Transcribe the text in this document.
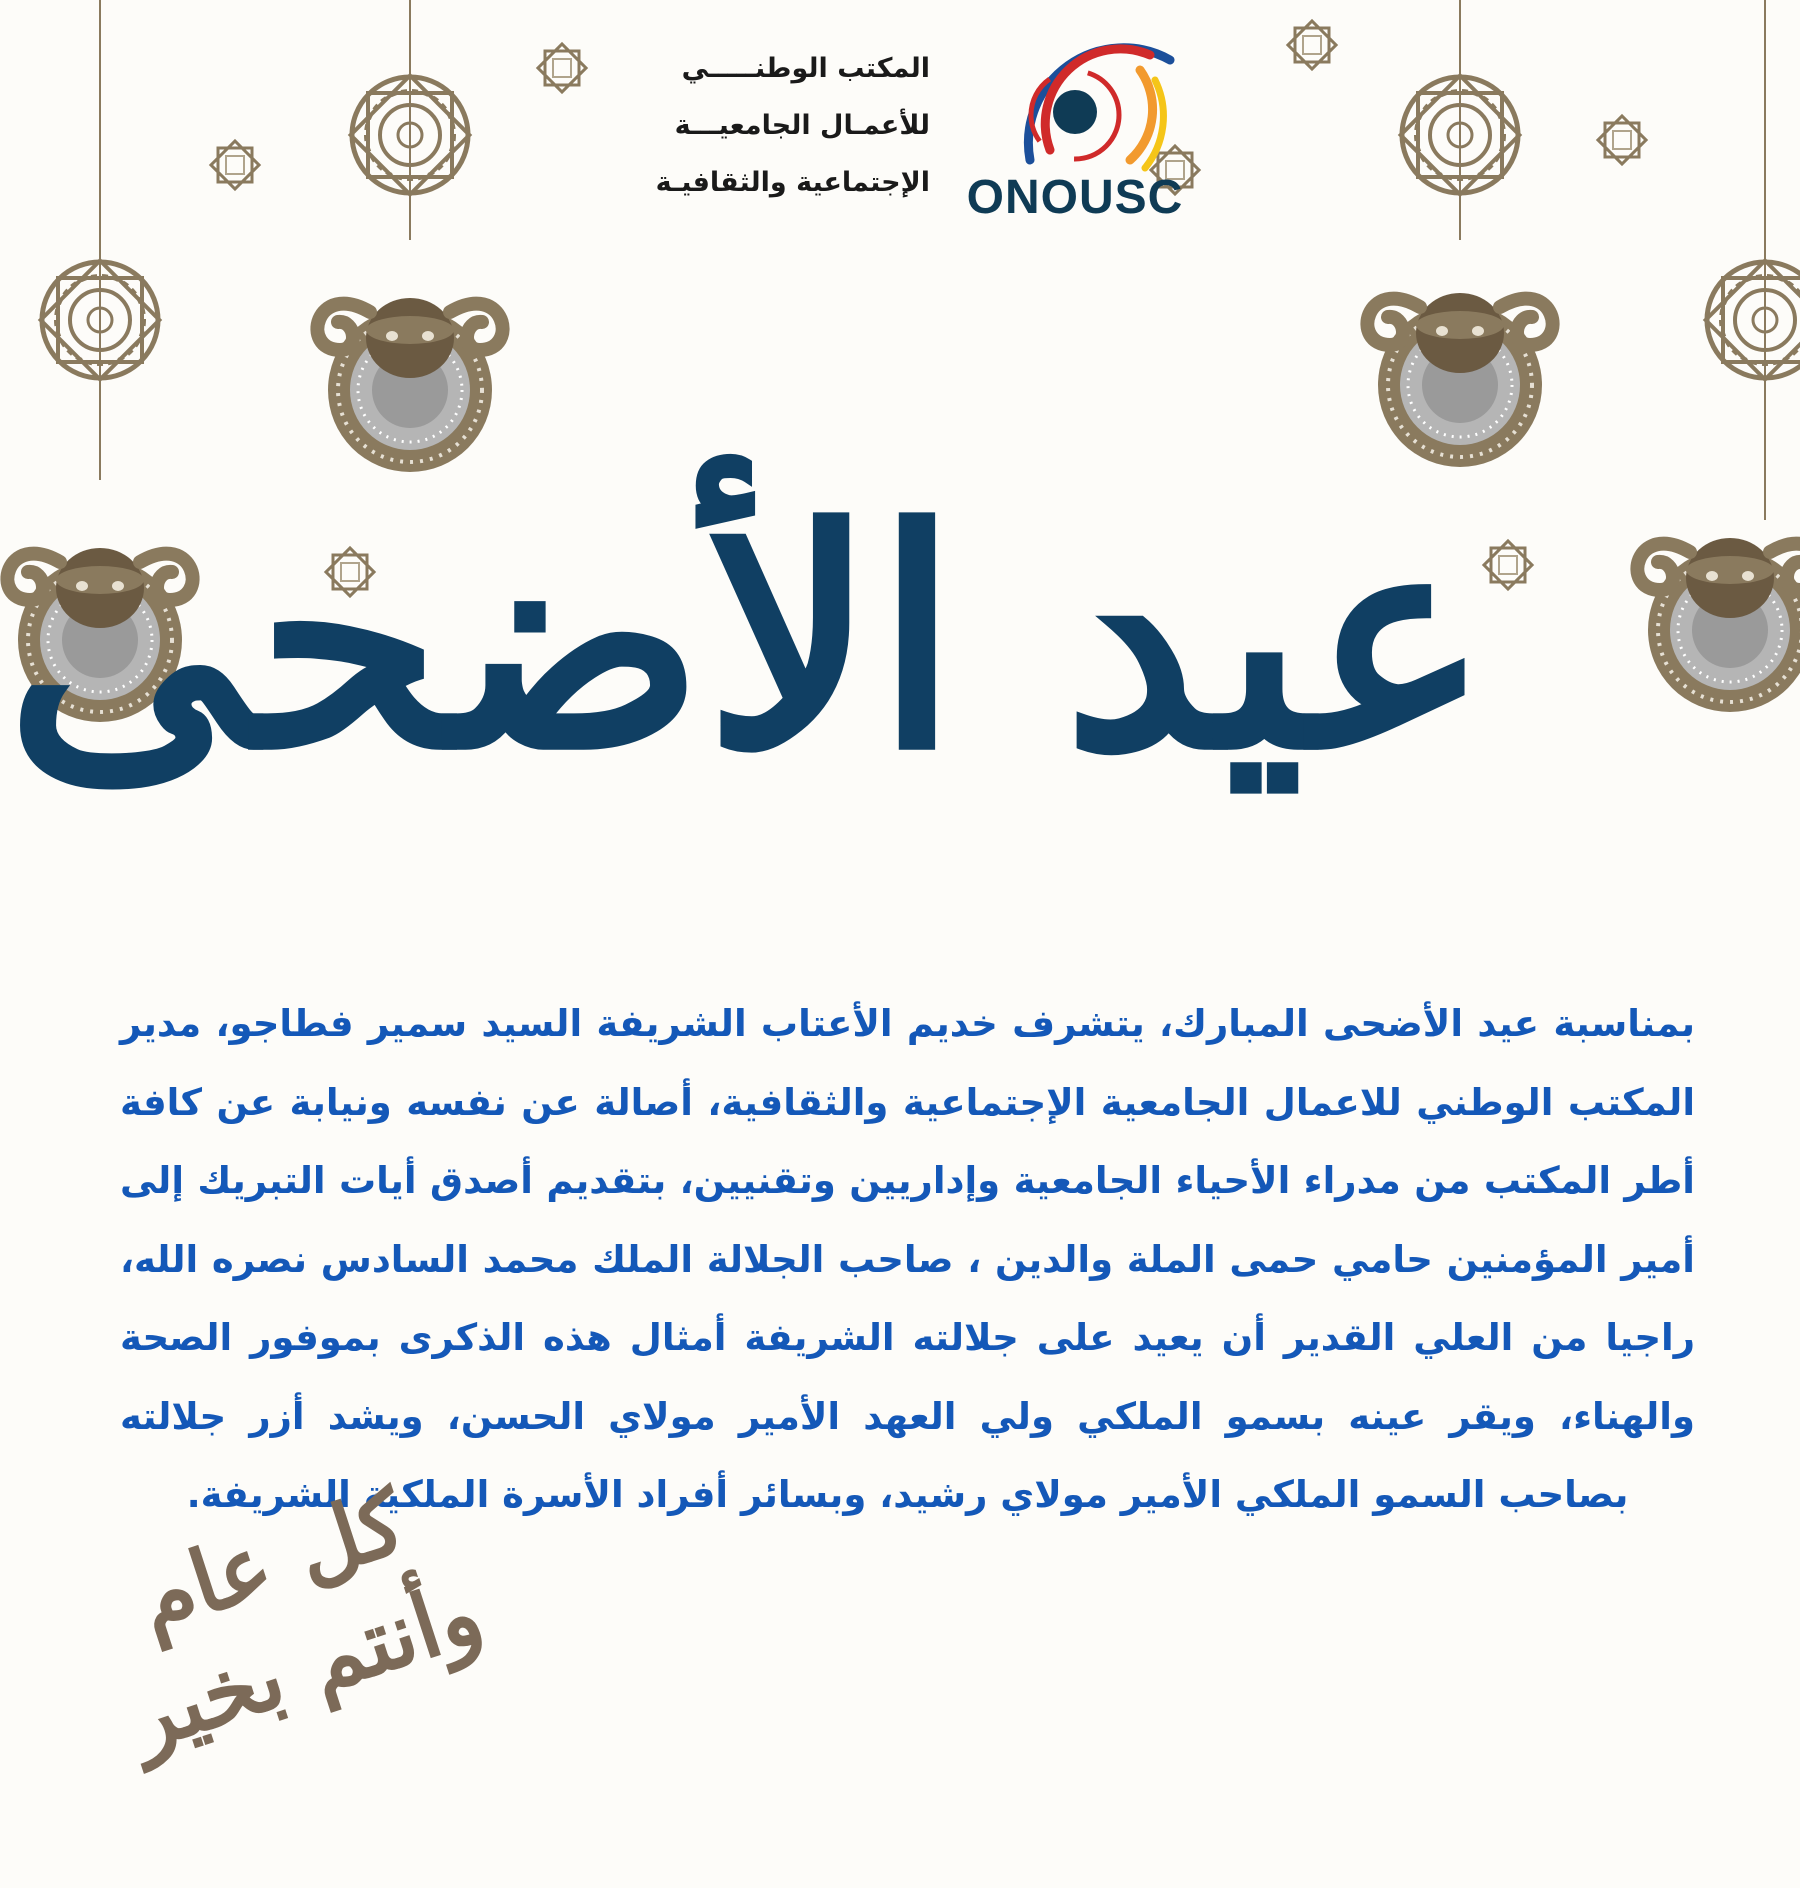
المكتب الوطنـــــي
للأعمـال الجامعيـــة
الإجتماعية والثقافيـة ONOUSC
عيد الأضحى
بمناسبة عيد الأضحى المبارك، يتشرف خديم الأعتاب الشريفة السيد سمير فطاجو، مدير المكتب الوطني للاعمال الجامعية الإجتماعية والثقافية، أصالة عن نفسه ونيابة عن كافة أطر المكتب من مدراء الأحياء الجامعية وإداريين وتقنيين، بتقديم أصدق أيات التبريك إلى أمير المؤمنين حامي حمى الملة والدين ، صاحب الجلالة الملك محمد السادس نصره الله، راجيا من العلي القدير أن يعيد على جلالته الشريفة أمثال هذه الذكرى بموفور الصحة والهناء، ويقر عينه بسمو الملكي ولي العهد الأمير مولاي الحسن، ويشد أزر جلالته بصاحب السمو الملكي الأمير مولاي رشيد، وبسائر أفراد الأسرة الملكية الشريفة.
كل عام وأنتم بخير
